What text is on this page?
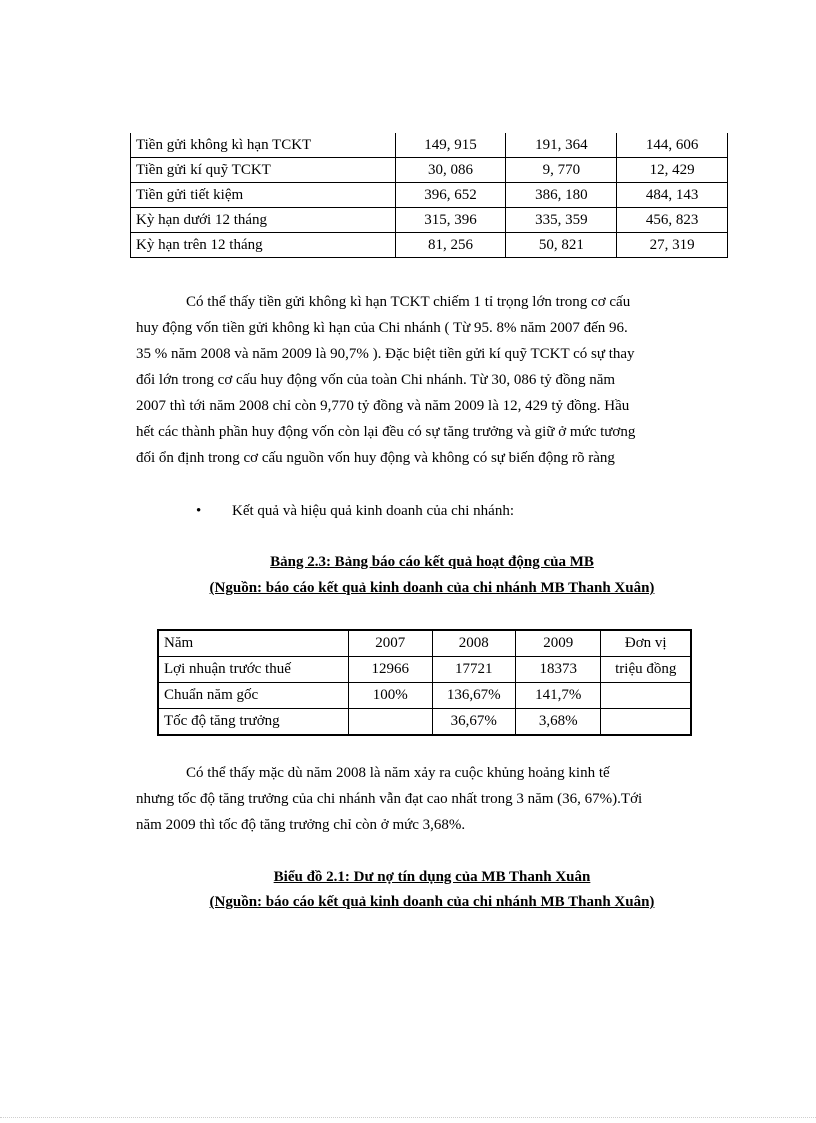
Tiền gửi không kì hạn TCKT	149, 915	191, 364	144, 606
Tiền gửi kí quỹ TCKT	30, 086	9, 770	12, 429
Tiền gửi tiết kiệm	396, 652	386, 180	484, 143
Kỳ hạn dưới 12 tháng	315, 396	335, 359	456, 823
Kỳ hạn trên 12 tháng	81, 256	50, 821	27, 319

Có thể thấy tiền gửi không kì hạn TCKT chiếm 1 tỉ trọng lớn trong cơ cấu
huy động vốn tiền gửi không kì hạn của Chi nhánh ( Từ 95. 8% năm 2007 đến 96.
35 % năm 2008 và năm 2009 là 90,7% ). Đặc biệt tiền gửi kí quỹ TCKT có sự thay
đổi lớn trong cơ cấu huy động vốn của toàn Chi nhánh. Từ 30, 086 tỷ đồng năm
2007 thì tới năm 2008 chỉ còn 9,770 tỷ đồng và năm 2009 là 12, 429 tỷ đồng. Hầu
hết các thành phần huy động vốn còn lại đều có sự tăng trưởng và giữ ở mức tương
đối ổn định trong cơ cấu nguồn vốn huy động và không có sự biến động rõ ràng

• Kết quả và hiệu quả kinh doanh của chi nhánh:
Bảng 2.3: Bảng báo cáo kết quả hoạt động của MB
(Nguồn: báo cáo kết quả kinh doanh của chi nhánh MB Thanh Xuân)
Năm	2007	2008	2009	Đơn vị
Lợi nhuận trước thuế	12966	17721	18373	triệu đồng
Chuẩn năm gốc	100%	136,67%	141,7%	
Tốc độ tăng trưởng		36,67%	3,68%	

Có thể thấy mặc dù năm 2008 là năm xảy ra cuộc khủng hoảng kinh tế
nhưng tốc độ tăng trưởng của chi nhánh vẫn đạt cao nhất trong 3 năm (36, 67%).Tới
năm 2009 thì tốc độ tăng trưởng chỉ còn ở mức 3,68%.

Biểu đồ 2.1: Dư nợ tín dụng của MB Thanh Xuân
(Nguồn: báo cáo kết quả kinh doanh của chi nhánh MB Thanh Xuân)
